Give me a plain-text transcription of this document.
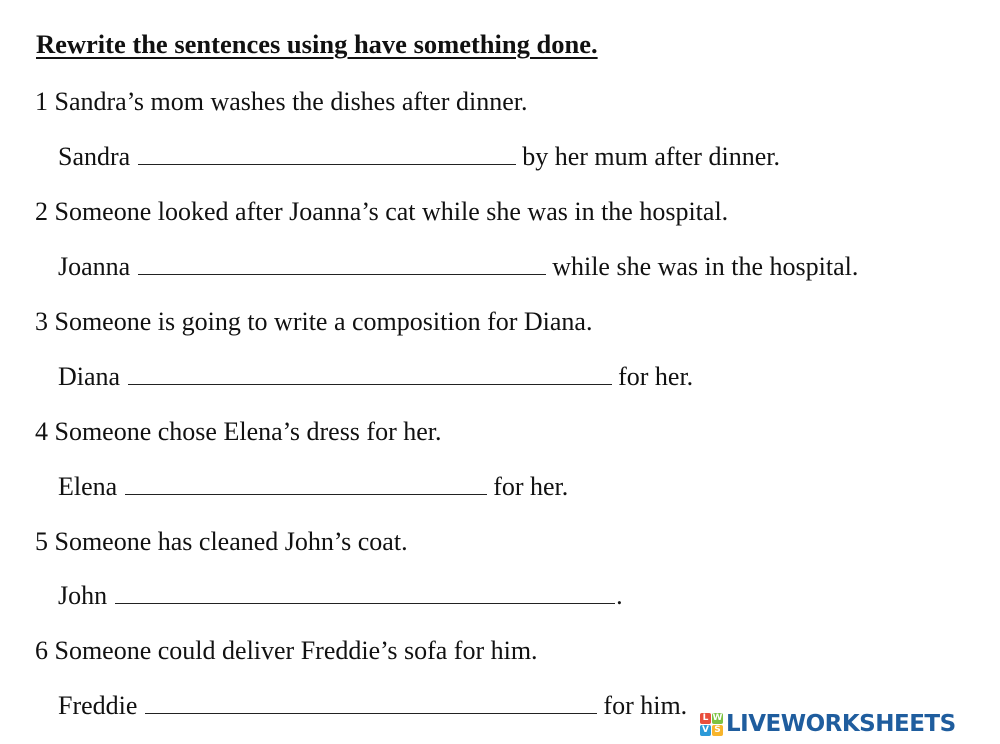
Rewrite the sentences using have something done.
1 Sandra’s mom washes the dishes after dinner.
Sandra	by her mum after dinner.
2 Someone looked after Joanna’s cat while she was in the hospital.
Joanna	while she was in the hospital.
3 Someone is going to write a composition for Diana.
Diana	for her.
4 Someone chose Elena’s dress for her.
Elena	for her.
5 Someone has cleaned John’s coat.
John	.
6 Someone could deliver Freddie’s sofa for him.
Freddie	for him. L W
V S LIVEWORKSHEETS
